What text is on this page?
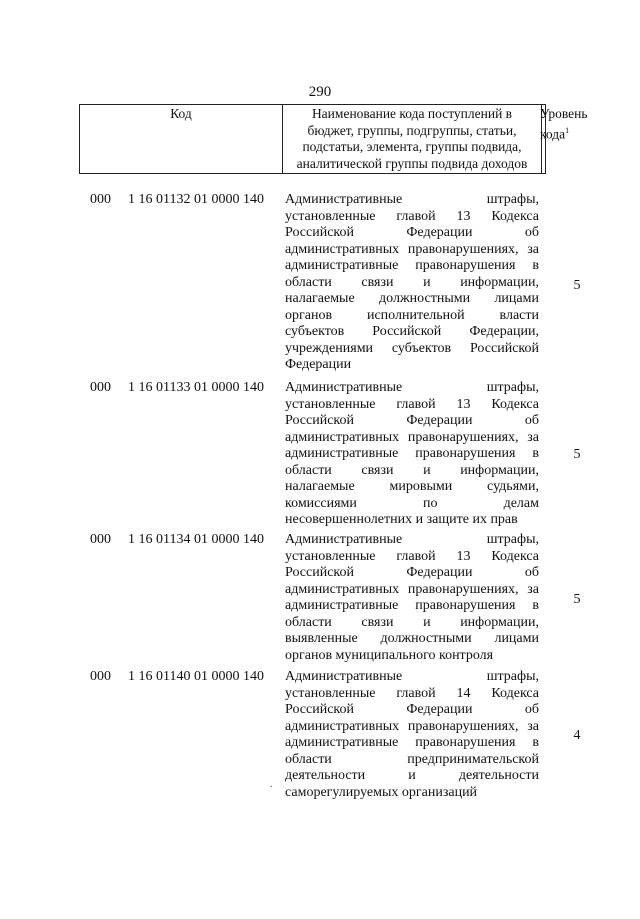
290
Код	Наименование кода поступлений в
бюджет, группы, подгруппы, статьи,
подстатьи, элемента, группы подвида,
аналитической группы подвида доходов
Уровень
кода$^1$
000 1 16 01132 01 0000 140 Административные штрафы,
установленные главой 13 Кодекса
Российской Федерации об
административных правонарушениях, за
административные правонарушения в
области связи и информации,
налагаемые должностными лицами
органов исполнительной власти
субъектов Российской Федерации,
учреждениями субъектов Российской
Федерации
5
000 1 16 01133 01 0000 140 Административные штрафы,
установленные главой 13 Кодекса
Российской Федерации об
административных правонарушениях, за
административные правонарушения в
области связи и информации,
налагаемые мировыми судьями,
комиссиями по делам
несовершеннолетних и защите их прав
5
000 1 16 01134 01 0000 140 Административные штрафы,
установленные главой 13 Кодекса
Российской Федерации об
административных правонарушениях, за
административные правонарушения в
области связи и информации,
выявленные должностными лицами
органов муниципального контроля
5
000 1 16 01140 01 0000 140 Административные штрафы,
установленные главой 14 Кодекса
Российской Федерации об
административных правонарушениях, за
административные правонарушения в
области предпринимательской
деятельности и деятельности
саморегулируемых организаций
4
.
